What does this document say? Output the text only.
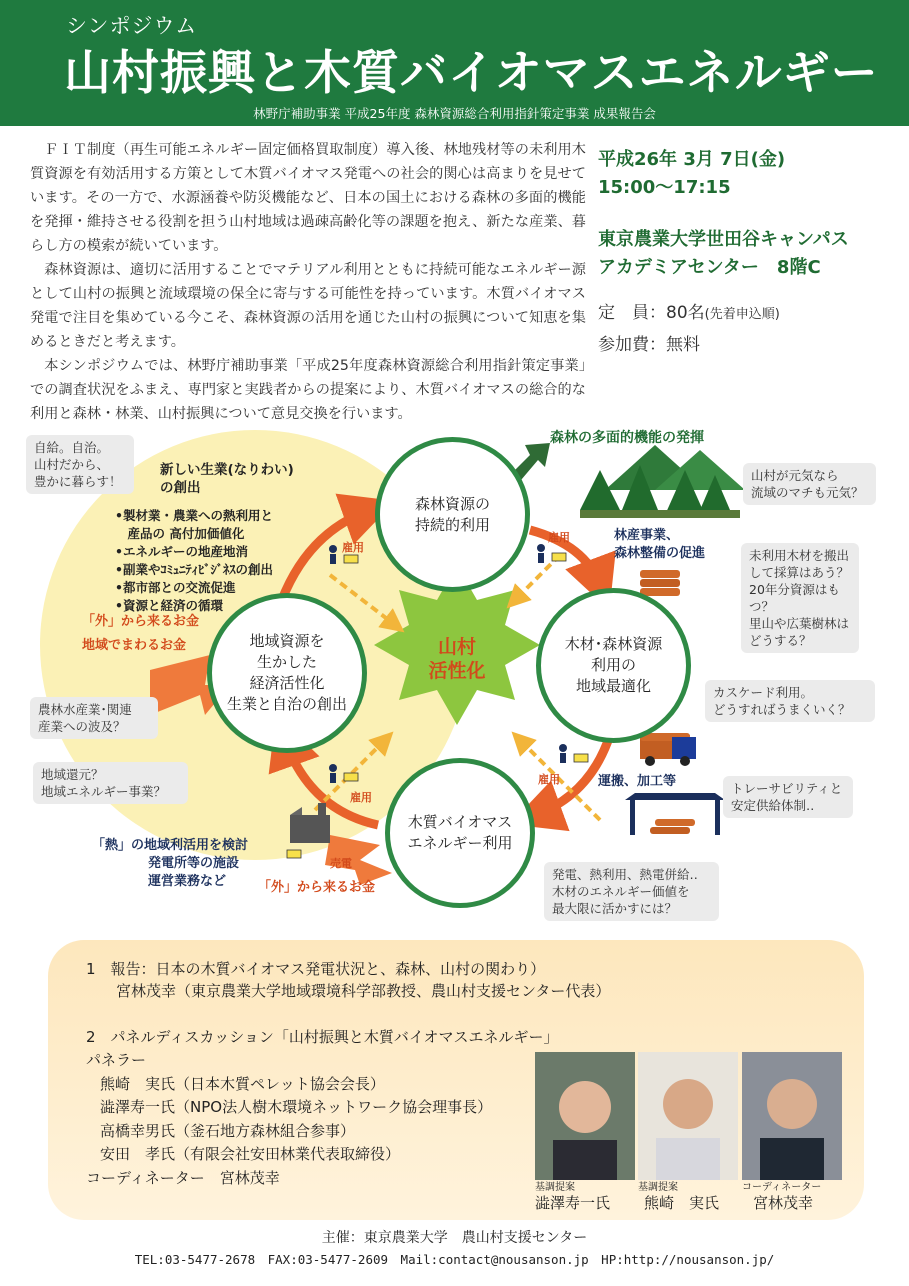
シンポジウム
山村振興と木質バイオマスエネルギー
林野庁補助事業 平成25年度 森林資源総合利用指針策定事業 成果報告会

ＦＩＴ制度（再生可能エネルギー固定価格買取制度）導入後、林地残材等の未利用木質資源を有効活用する方策として木質バイオマス発電への社会的関心は高まりを見せています。その一方で、水源涵養や防災機能など、日本の国土における森林の多面的機能を発揮・維持させる役割を担う山村地域は過疎高齢化等の課題を抱え、新たな産業、暮らし方の模索が続いています。

森林資源は、適切に活用することでマテリアル利用とともに持続可能なエネルギー源として山村の振興と流域環境の保全に寄与する可能性を持っています。木質バイオマス発電で注目を集めている今こそ、森林資源の活用を通じた山村の振興について知恵を集めるときだと考えます。

本シンポジウムでは、林野庁補助事業「平成25年度森林資源総合利用指針策定事業」での調査状況をふまえ、専門家と実践者からの提案により、木質バイオマスの総合的な利用と森林・林業、山村振興について意見交換を行います。

平成26年 3月 7日(金)
15:00〜17:15
東京農業大学世田谷キャンパス
アカデミアセンター　8階C
定　員：80名(先着申込順)
参加費：無料
森林資源の
持続的利用
地域資源を
生かした
経済活性化
生業と自治の創出
木材･森林資源
利用の
地域最適化
木質バイオマス
エネルギー利用
山村
活性化
森林の多面的機能の発揮
新しい生業(なりわい)
の創出
•製材業・農業への熱利用と
　産品の 高付加価値化
•エネルギーの地産地消
•副業やｺﾐｭﾆﾃｨﾋﾞｼﾞﾈｽの創出
•都市部との交流促進
•資源と経済の循環
「外」から来るお金
地域でまわるお金
林産事業、
森林整備の促進
運搬、加工等
「熱」の地域利活用を検討
発電所等の施設
運営業務など	「外」から来るお金
雇用
雇用
雇用
雇用
売電
自給。自治。
山村だから、
豊かに暮らす！	山村が元気なら
流域のマチも元気？
未利用木材を搬出
して採算はあう？
20年分資源はもつ？
里山や広葉樹林は
どうする？
カスケード利用。
どうすればうまくいく？
農林水産業･関連
産業への波及？
地域還元？
地域エネルギー事業？	トレーサビリティと
安定供給体制‥
発電、熱利用、熱電併給‥
木材のエネルギー価値を
最大限に活かすには？
1　報告：日本の木質バイオマス発電状況と、森林、山村の関わり）
宮林茂幸（東京農業大学地域環境科学部教授、農山村支援センター代表）
2　パネルディスカッション「山村振興と木質バイオマスエネルギー」
パネラー
熊崎　実氏（日本木質ペレット協会会長）
澁澤寿一氏（NPO法人樹木環境ネットワーク協会理事長）
高橋幸男氏（釜石地方森林組合参事）
安田　孝氏（有限会社安田林業代表取締役）
コーディネーター　宮林茂幸
基調提案	基調提案	コーディネーター
澁澤寿一氏 熊崎　実氏 宮林茂幸
主催：東京農業大学　農山村支援センター
TEL:03-5477-2678　FAX:03-5477-2609　Mail:contact@nousanson.jp　HP:http://nousanson.jp/
